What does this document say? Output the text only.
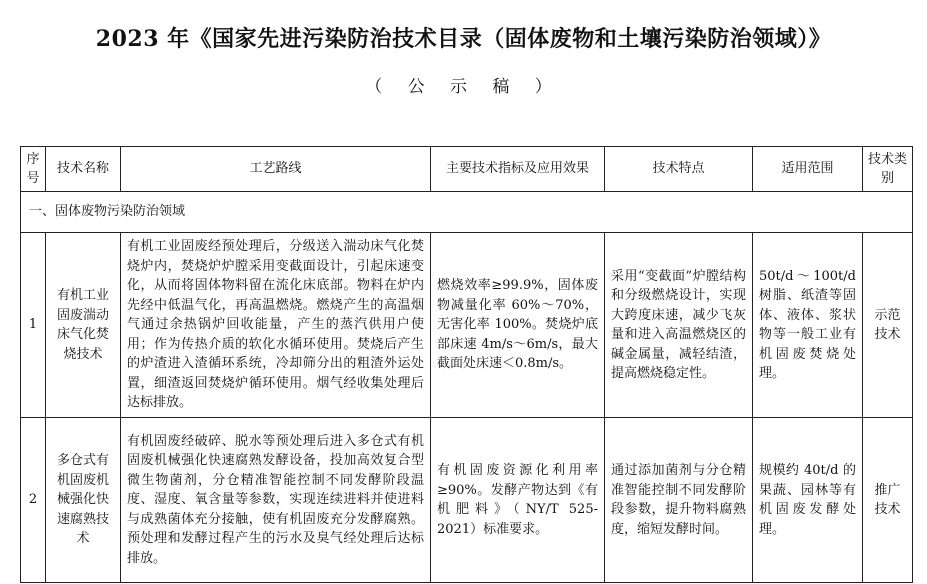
2023 年《国家先进污染防治技术目录（固体废物和土壤污染防治领域）》
（ 公 示 稿 ）
序号	技术名称	工艺路线	主要技术指标及应用效果	技术特点	适用范围	技术类别
一、固体废物污染防治领域						
1	有机工业固废湍动床气化焚烧技术	有机工业固废经预处理后，分级送入湍动床气化焚烧炉内，焚烧炉炉膛采用变截面设计，引起床速变化，从而将固体物料留在流化床底部。物料在炉内先经中低温气化，再高温燃烧。燃烧产生的高温烟气通过余热锅炉回收能量，产生的蒸汽供用户使用；作为传热介质的软化水循环使用。焚烧后产生的炉渣进入渣循环系统，冷却筛分出的粗渣外运处置，细渣返回焚烧炉循环使用。烟气经收集处理后达标排放。	燃烧效率≥99.9%，固体废物减量化率 60%～70%，无害化率 100%。焚烧炉底部床速 4m/s～6m/s，最大截面处床速＜0.8m/s。	采用“变截面”炉膛结构和分级燃烧设计，实现大跨度床速，减少飞灰量和进入高温燃烧区的碱金属量，减轻结渣，提高燃烧稳定性。	50t/d～100t/d 树脂、纸渣等固体、液体、浆状物等一般工业有机固废焚烧处理。	示范技术
2	多仓式有机固废机械强化快速腐熟技术	有机固废经破碎、脱水等预处理后进入多仓式有机固废机械强化快速腐熟发酵设备，投加高效复合型微生物菌剂，分仓精准智能控制不同发酵阶段温度、湿度、氧含量等参数，实现连续进料并使进料与成熟菌体充分接触，使有机固废充分发酵腐熟。预处理和发酵过程产生的污水及臭气经处理后达标排放。	有机固废资源化利用率≥90%。发酵产物达到《有机肥料》（NY/T 525-2021）标准要求。	通过添加菌剂与分仓精准智能控制不同发酵阶段参数，提升物料腐熟度，缩短发酵时间。	规模约 40t/d 的果蔬、园林等有机固废发酵处理。	推广技术
